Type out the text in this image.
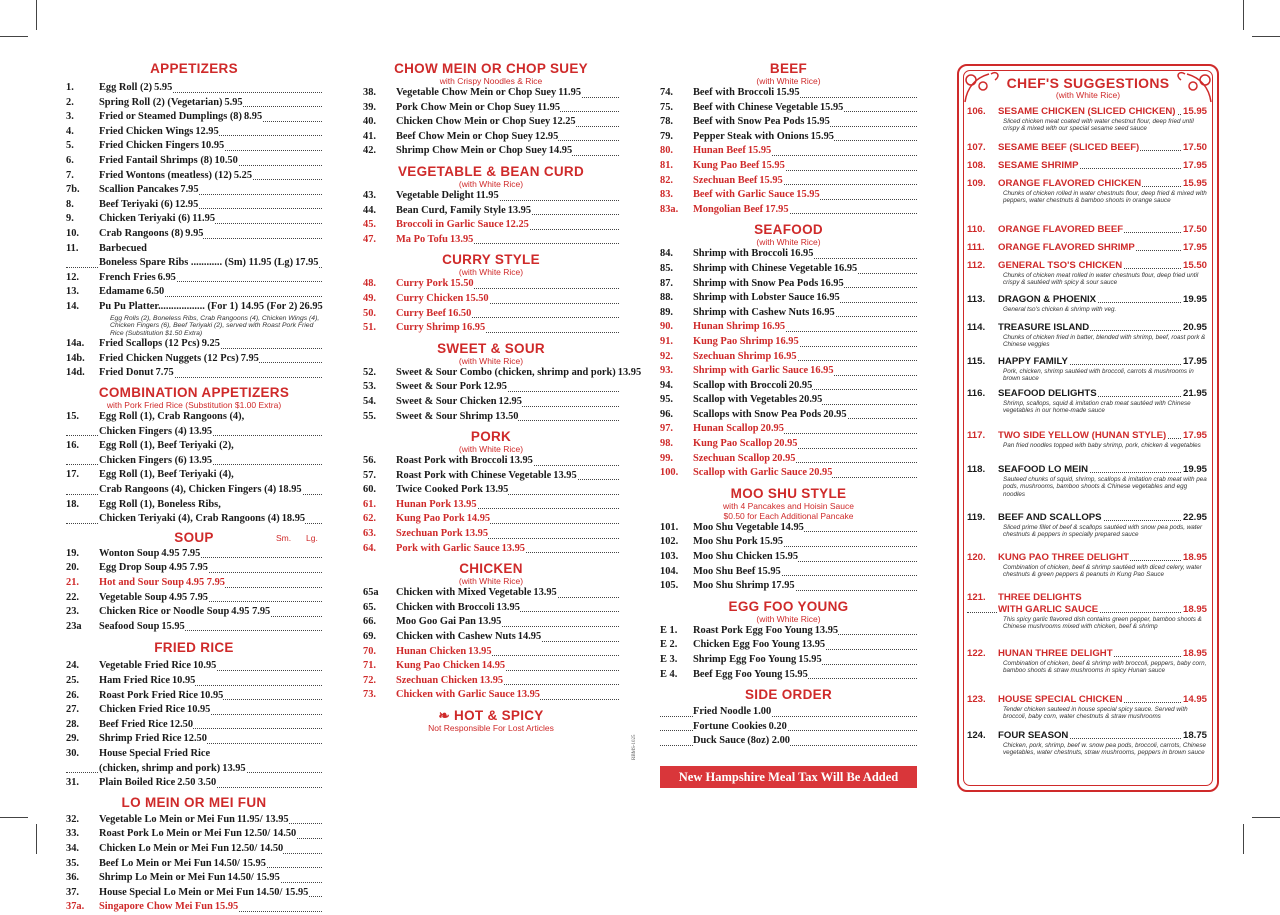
APPETIZERS

1. Egg Roll (2) 5.95
2. Spring Roll (2) (Vegetarian) 5.95
3. Fried or Steamed Dumplings (8) 8.95
4. Fried Chicken Wings 12.95
5. Fried Chicken Fingers 10.95
6. Fried Fantail Shrimps (8) 10.50
7. Fried Wontons (meatless) (12) 5.25
7b. Scallion Pancakes 7.95
8. Beef Teriyaki (6) 12.95
9. Chicken Teriyaki (6) 11.95
10. Crab Rangoons (8) 9.95
11. Barbecued
Boneless Spare Ribs ............ (Sm) 11.95 (Lg) 17.95
12. French Fries 6.95
13. Edamame 6.50
14. Pu Pu Platter.................. (For 1) 14.95 (For 2) 26.95
Egg Rolls (2), Boneless Ribs, Crab Rangoons (4), Chicken Wings (4), Chicken Fingers (6), Beef Teriyaki (2), served with Roast Pork Fried Rice (Substitution $1.50 Extra)
14a. Fried Scallops (12 Pcs) 9.25
14b. Fried Chicken Nuggets (12 Pcs) 7.95
14d. Fried Donut 7.75

COMBINATION APPETIZERS

with Pork Fried Rice (Substitution $1.00 Extra)

15. Egg Roll (1), Crab Rangoons (4),
Chicken Fingers (4) 13.95
16. Egg Roll (1), Beef Teriyaki (2),
Chicken Fingers (6) 13.95
17. Egg Roll (1), Beef Teriyaki (4),
Crab Rangoons (4), Chicken Fingers (4) 18.95
18. Egg Roll (1), Boneless Ribs,
Chicken Teriyaki (4), Crab Rangoons (4) 18.95

SOUP	Sm. Lg.
19. Wonton Soup 4.95 7.95
20. Egg Drop Soup 4.95 7.95
21. Hot and Sour Soup 4.95 7.95
22. Vegetable Soup 4.95 7.95
23. Chicken Rice or Noodle Soup 4.95 7.95
23a Seafood Soup 15.95

FRIED RICE

24. Vegetable Fried Rice 10.95
25. Ham Fried Rice 10.95
26. Roast Pork Fried Rice 10.95
27. Chicken Fried Rice 10.95
28. Beef Fried Rice 12.50
29. Shrimp Fried Rice 12.50
30. House Special Fried Rice
(chicken, shrimp and pork) 13.95
31. Plain Boiled Rice 2.50 3.50

LO MEIN OR MEI FUN

32. Vegetable Lo Mein or Mei Fun 11.95/ 13.95
33. Roast Pork Lo Mein or Mei Fun 12.50/ 14.50
34. Chicken Lo Mein or Mei Fun 12.50/ 14.50
35. Beef Lo Mein or Mei Fun 14.50/ 15.95
36. Shrimp Lo Mein or Mei Fun 14.50/ 15.95
37. House Special Lo Mein or Mei Fun 14.50/ 15.95
37a. Singapore Chow Mei Fun 15.95

CHOW MEIN OR CHOP SUEY

with Crispy Noodles & Rice

38. Vegetable Chow Mein or Chop Suey 11.95
39. Pork Chow Mein or Chop Suey 11.95
40. Chicken Chow Mein or Chop Suey 12.25
41. Beef Chow Mein or Chop Suey 12.95
42. Shrimp Chow Mein or Chop Suey 14.95

VEGETABLE & BEAN CURD

(with White Rice)

43. Vegetable Delight 11.95
44. Bean Curd, Family Style 13.95
45. Broccoli in Garlic Sauce 12.25
47. Ma Po Tofu 13.95

CURRY STYLE

(with White Rice)

48. Curry Pork 15.50
49. Curry Chicken 15.50
50. Curry Beef 16.50
51. Curry Shrimp 16.95

SWEET & SOUR

(with White Rice)

52. Sweet & Sour Combo (chicken, shrimp and pork) 13.95
53. Sweet & Sour Pork 12.95
54. Sweet & Sour Chicken 12.95
55. Sweet & Sour Shrimp 13.50

PORK

(with White Rice)

56. Roast Pork with Broccoli 13.95
57. Roast Pork with Chinese Vegetable 13.95
60. Twice Cooked Pork 13.95
61. Hunan Pork 13.95
62. Kung Pao Pork 14.95
63. Szechuan Pork 13.95
64. Pork with Garlic Sauce 13.95

CHICKEN

(with White Rice)

65a Chicken with Mixed Vegetable 13.95
65. Chicken with Broccoli 13.95
66. Moo Goo Gai Pan 13.95
69. Chicken with Cashew Nuts 14.95
70. Hunan Chicken 13.95
71. Kung Pao Chicken 14.95
72. Szechuan Chicken 13.95
73. Chicken with Garlic Sauce 13.95

❧ HOT & SPICY

Not Responsible For Lost Articles

RBMS-1025

BEEF

(with White Rice)

74. Beef with Broccoli 15.95
75. Beef with Chinese Vegetable 15.95
78. Beef with Snow Pea Pods 15.95
79. Pepper Steak with Onions 15.95
80. Hunan Beef 15.95
81. Kung Pao Beef 15.95
82. Szechuan Beef 15.95
83. Beef with Garlic Sauce 15.95
83a. Mongolian Beef 17.95

SEAFOOD

(with White Rice)

84. Shrimp with Broccoli 16.95
85. Shrimp with Chinese Vegetable 16.95
87. Shrimp with Snow Pea Pods 16.95
88. Shrimp with Lobster Sauce 16.95
89. Shrimp with Cashew Nuts 16.95
90. Hunan Shrimp 16.95
91. Kung Pao Shrimp 16.95
92. Szechuan Shrimp 16.95
93. Shrimp with Garlic Sauce 16.95
94. Scallop with Broccoli 20.95
95. Scallop with Vegetables 20.95
96. Scallops with Snow Pea Pods 20.95
97. Hunan Scallop 20.95
98. Kung Pao Scallop 20.95
99. Szechuan Scallop 20.95
100. Scallop with Garlic Sauce 20.95

MOO SHU STYLE

with 4 Pancakes and Hoisin Sauce

$0.50 for Each Additional Pancake

101. Moo Shu Vegetable 14.95
102. Moo Shu Pork 15.95
103. Moo Shu Chicken 15.95
104. Moo Shu Beef 15.95
105. Moo Shu Shrimp 17.95

EGG FOO YOUNG

(with White Rice)

E 1. Roast Pork Egg Foo Young 13.95
E 2. Chicken Egg Foo Young 13.95
E 3. Shrimp Egg Foo Young 15.95
E 4. Beef Egg Foo Young 15.95

SIDE ORDER

Fried Noodle 1.00
Fortune Cookies 0.20
Duck Sauce (8oz) 2.00
New Hampshire Meal Tax Will Be Added

CHEF'S SUGGESTIONS

(with White Rice)

106. SESAME CHICKEN (SLICED CHICKEN) 15.95
Sliced chicken meat coated with water chestnut flour, deep fried until crispy & mixed with our special sesame seed sauce
107. SESAME BEEF (SLICED BEEF)	17.50
108. SESAME SHRIMP	17.95
109. ORANGE FLAVORED CHICKEN	15.95
Chunks of chicken rolled in water chestnuts flour, deep fried & mixed with peppers, water chestnuts & bamboo shoots in orange sauce
110. ORANGE FLAVORED BEEF	17.50
111. ORANGE FLAVORED SHRIMP	17.95
112. GENERAL TSO'S CHICKEN	15.50
Chunks of chicken meat rolled in water chestnuts flour, deep fried until crispy & sautéed with spicy & sour sauce
113. DRAGON & PHOENIX	19.95
General tso's chicken & shrimp with veg.
114. TREASURE ISLAND	20.95
Chunks of chicken fried in batter, blended with shrimp, beef, roast pork & Chinese veggies
115. HAPPY FAMILY	17.95
Pork, chicken, shrimp sautéed with broccoli, carrots & mushrooms in brown sauce
116. SEAFOOD DELIGHTS	21.95
Shrimp, scallops, squid & imitation crab meat sautéed with Chinese vegetables in our home-made sauce
117. TWO SIDE YELLOW (HUNAN STYLE) 17.95
Pan fried noodles topped with baby shrimp, pork, chicken & vegetables
118. SEAFOOD LO MEIN	19.95
Sauteed chunks of squid, shrimp, scallops & imitation crab meat with pea pods, mushrooms, bamboo shoots & Chinese vegetables and egg noodles
119. BEEF AND SCALLOPS	22.95
Sliced prime fillet of beef & scallops sautéed with snow pea pods, water chestnuts & peppers in specially prepared sauce
120. KUNG PAO THREE DELIGHT	18.95
Combination of chicken, beef & shrimp sautéed with diced celery, water chestnuts & green peppers & peanuts in Kung Pao Sauce
121. THREE DELIGHTS
WITH GARLIC SAUCE	18.95
This spicy garlic flavored dish contains green pepper, bamboo shoots & Chinese mushrooms mixed with chicken, beef & shrimp
122. HUNAN THREE DELIGHT	18.95
Combination of chicken, beef & shrimp with broccoli, peppers, baby corn, bamboo shoots & straw mushrooms in spicy Hunan sauce
123. HOUSE SPECIAL CHICKEN	14.95
Tender chicken sauteed in house special spicy sauce. Served with broccoli, baby corn, water chestnuts & straw mushrooms
124. FOUR SEASON	18.75
Chicken, pork, shrimp, beef w. snow pea pods, broccoli, carrots, Chinese vegetables, water chestnuts, straw mushrooms, peppers in brown sauce
